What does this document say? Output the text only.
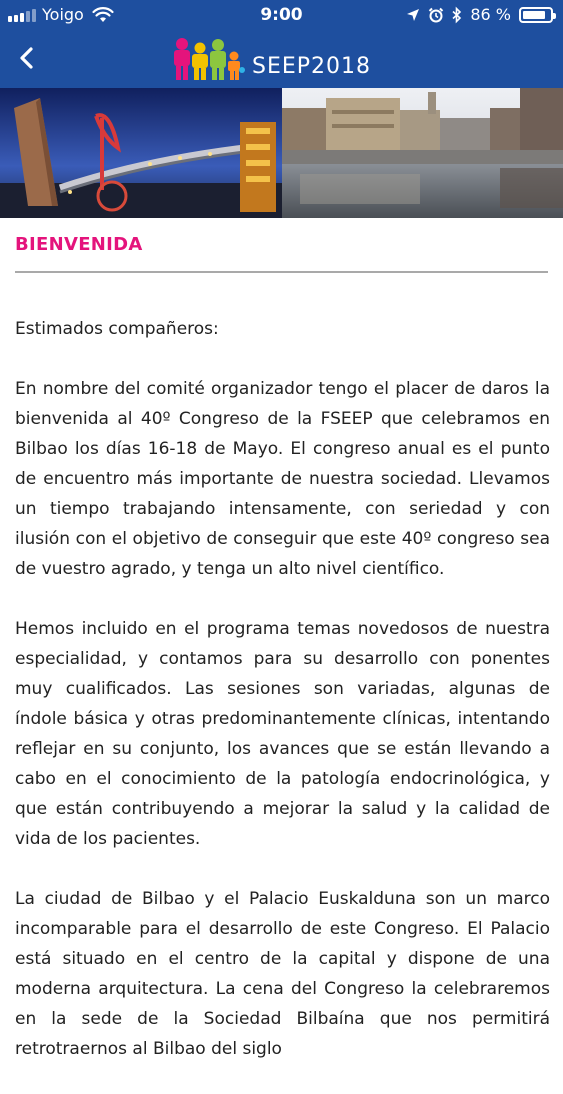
Yoigo	9:00	86 %
SEEP2018
BIENVENIDA

Estimados compañeros:

En nombre del comité organizador tengo el placer de daros la bienvenida al 40º Congreso de la FSEEP que celebramos en Bilbao los días 16-18 de Mayo. El congreso anual es el punto de encuentro más importante de nuestra sociedad. Llevamos un tiempo trabajando intensamente, con seriedad y con ilusión con el objetivo de conseguir que este 40º congreso sea de vuestro agrado, y tenga un alto nivel científico.

Hemos incluido en el programa temas novedosos de nuestra especialidad, y contamos para su desarrollo con ponentes muy cualificados. Las sesiones son variadas, algunas de índole básica y otras predominantemente clínicas, intentando reflejar en su conjunto, los avances que se están llevando a cabo en el conocimiento de la patología endocrinológica, y que están contribuyendo a mejorar la salud y la calidad de vida de los pacientes.

La ciudad de Bilbao y el Palacio Euskalduna son un marco incomparable para el desarrollo de este Congreso. El Palacio está situado en el centro de la capital y dispone de una moderna arquitectura. La cena del Congreso la celebraremos en la sede de la Sociedad Bilbaína que nos permitirá retrotraernos al Bilbao del siglo
